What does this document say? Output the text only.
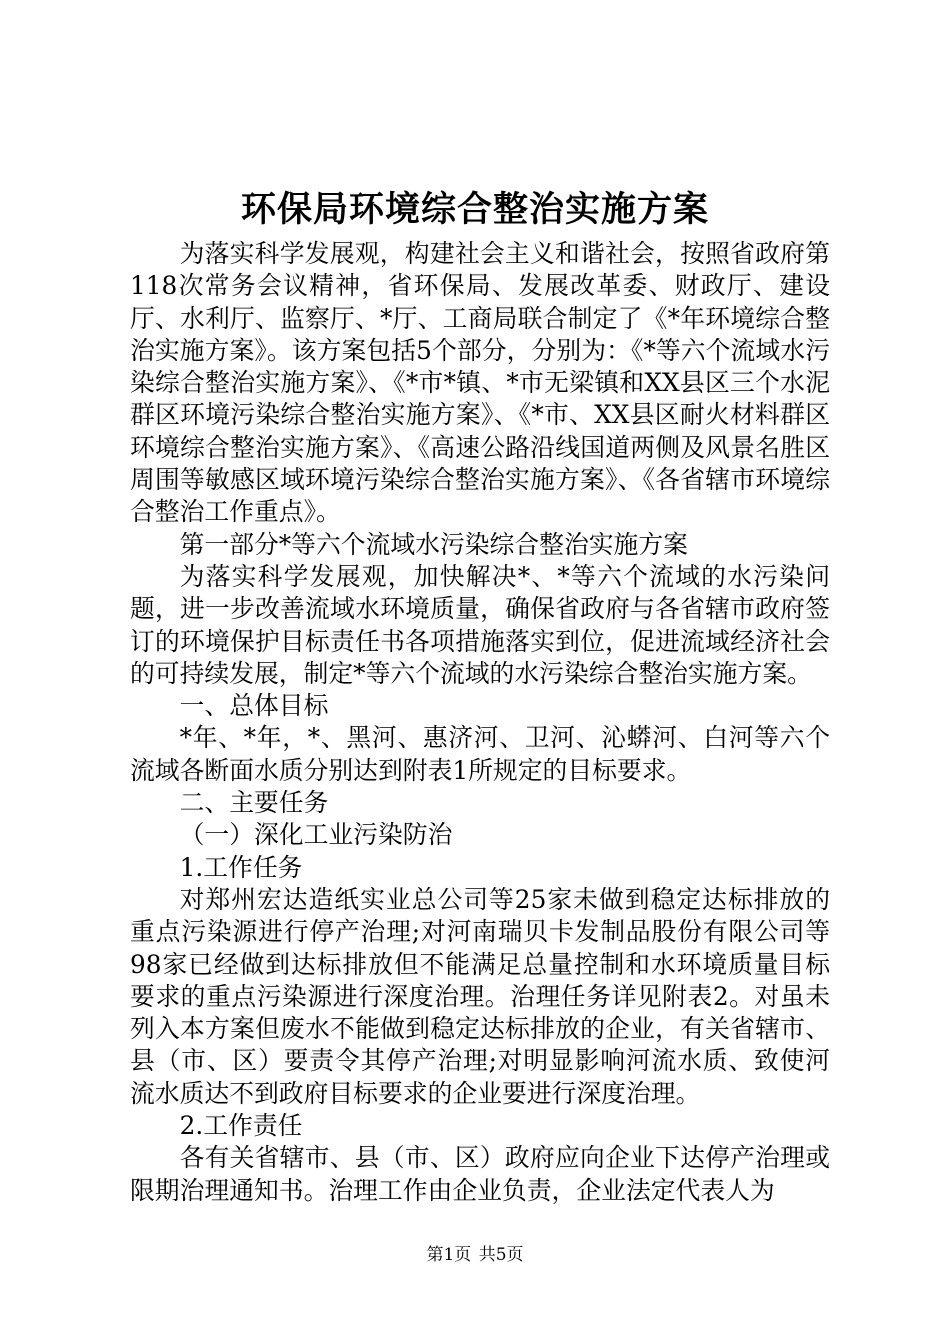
环保局环境综合整治实施方案

为落实科学发展观，构建社会主义和谐社会，按照省政府第118次常务会议精神，省环保局、发展改革委、财政厅、建设厅、水利厅、监察厅、*厅、工商局联合制定了《*年环境综合整治实施方案》。该方案包括5个部分，分别为：《*等六个流域水污染综合整治实施方案》、《*市*镇、*市无梁镇和XX县区三个水泥群区环境污染综合整治实施方案》、《*市、XX县区耐火材料群区环境综合整治实施方案》、《高速公路沿线国道两侧及风景名胜区周围等敏感区域环境污染综合整治实施方案》、《各省辖市环境综合整治工作重点》。

第一部分*等六个流域水污染综合整治实施方案

为落实科学发展观，加快解决*、*等六个流域的水污染问题，进一步改善流域水环境质量，确保省政府与各省辖市政府签订的环境保护目标责任书各项措施落实到位，促进流域经济社会的可持续发展，制定*等六个流域的水污染综合整治实施方案。

一、总体目标

*年、*年，*、黑河、惠济河、卫河、沁蟒河、白河等六个流域各断面水质分别达到附表1所规定的目标要求。

二、主要任务

（一）深化工业污染防治

1.工作任务

对郑州宏达造纸实业总公司等25家未做到稳定达标排放的重点污染源进行停产治理;对河南瑞贝卡发制品股份有限公司等98家已经做到达标排放但不能满足总量控制和水环境质量目标要求的重点污染源进行深度治理。治理任务详见附表2。对虽未列入本方案但废水不能做到稳定达标排放的企业，有关省辖市、县（市、区）要责令其停产治理;对明显影响河流水质、致使河流水质达不到政府目标要求的企业要进行深度治理。

2.工作责任

各有关省辖市、县（市、区）政府应向企业下达停产治理或限期治理通知书。治理工作由企业负责，企业法定代表人为

第1页 共5页
